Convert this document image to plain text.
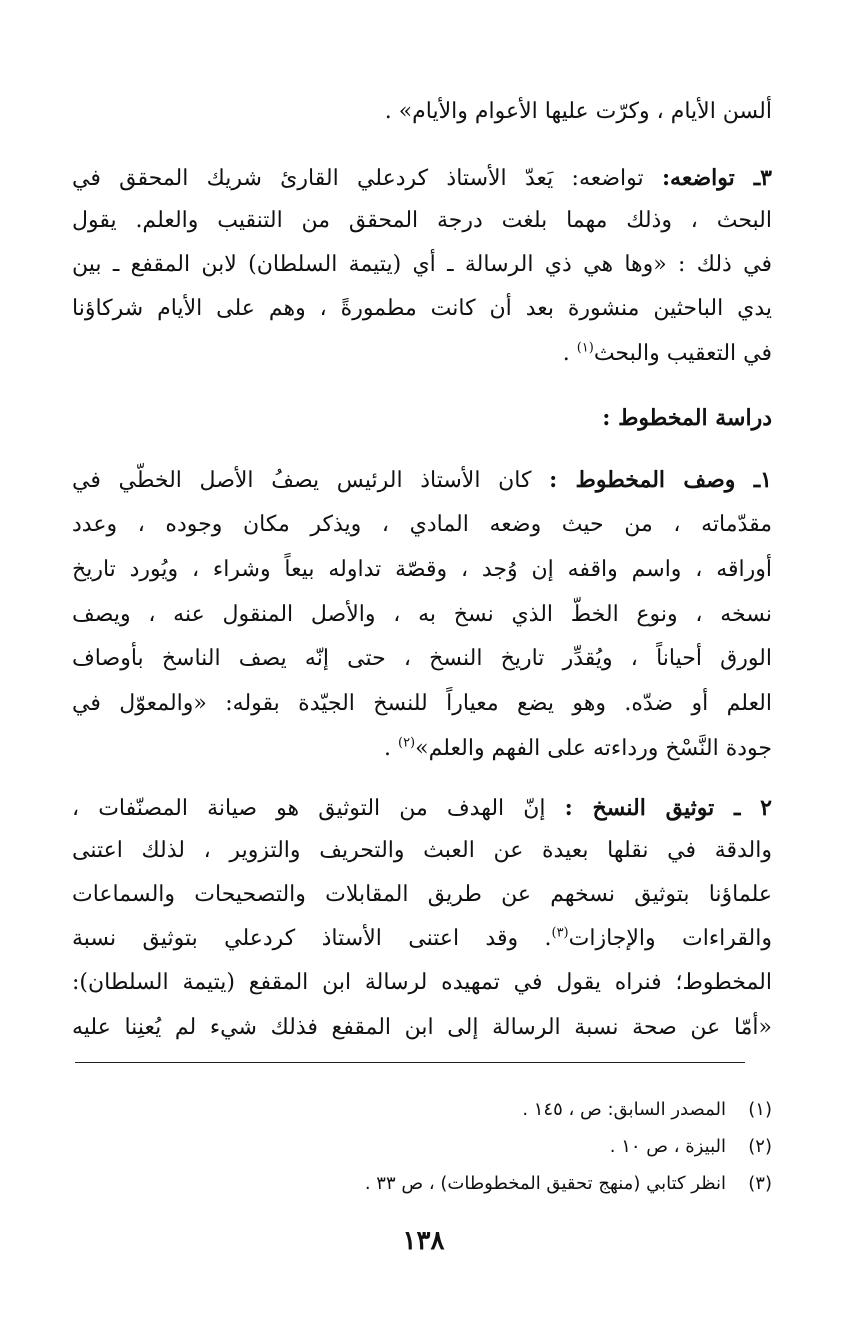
ألسن الأيام ، وكرّت عليها الأعوام والأيام» .
٣ـ تواضعه: تواضعه: يَعدّ الأستاذ كردعلي القارئ شريك المحقق في
البحث ، وذلك مهما بلغت درجة المحقق من التنقيب والعلم. يقول
في ذلك : «وها هي ذي الرسالة ـ أي (يتيمة السلطان) لابن المقفع ـ بين
يدي الباحثين منشورة بعد أن كانت مطمورةً ، وهم على الأيام شركاؤنا
في التعقيب والبحث$^{(١)}$ .
دراسة المخطوط :
١ـ وصف المخطوط : كان الأستاذ الرئيس يصفُ الأصل الخطّي في
مقدّماته ، من حيث وضعه المادي ، ويذكر مكان وجوده ، وعدد
أوراقه ، واسم واقفه إن وُجد ، وقصّة تداوله بيعاً وشراء ، ويُورد تاريخ
نسخه ، ونوع الخطّ الذي نسخ به ، والأصل المنقول عنه ، ويصف
الورق أحياناً ، ويُقدِّر تاريخ النسخ ، حتى إنّه يصف الناسخ بأوصاف
العلم أو ضدّه. وهو يضع معياراً للنسخ الجيّدة بقوله: «والمعوّل في
جودة النَّسْخ ورداءته على الفهم والعلم»$^{(٢)}$ .
٢ ـ توثيق النسخ : إنّ الهدف من التوثيق هو صيانة المصنّفات ،
والدقة في نقلها بعيدة عن العبث والتحريف والتزوير ، لذلك اعتنى
علماؤنا بتوثيق نسخهم عن طريق المقابلات والتصحيحات والسماعات
والقراءات والإجازات$^{(٣)}$. وقد اعتنى الأستاذ كردعلي بتوثيق نسبة
المخطوط؛ فنراه يقول في تمهيده لرسالة ابن المقفع (يتيمة السلطان):
«أمّا عن صحة نسبة الرسالة إلى ابن المقفع فذلك شيء لم يُعنِنا عليه
(١)المصدر السابق: ص ، ١٤٥ .
(٢)البيزة ، ص ١٠ .
(٣)انظر كتابي (منهج تحقيق المخطوطات) ، ص ٣٣ .
١٣٨
